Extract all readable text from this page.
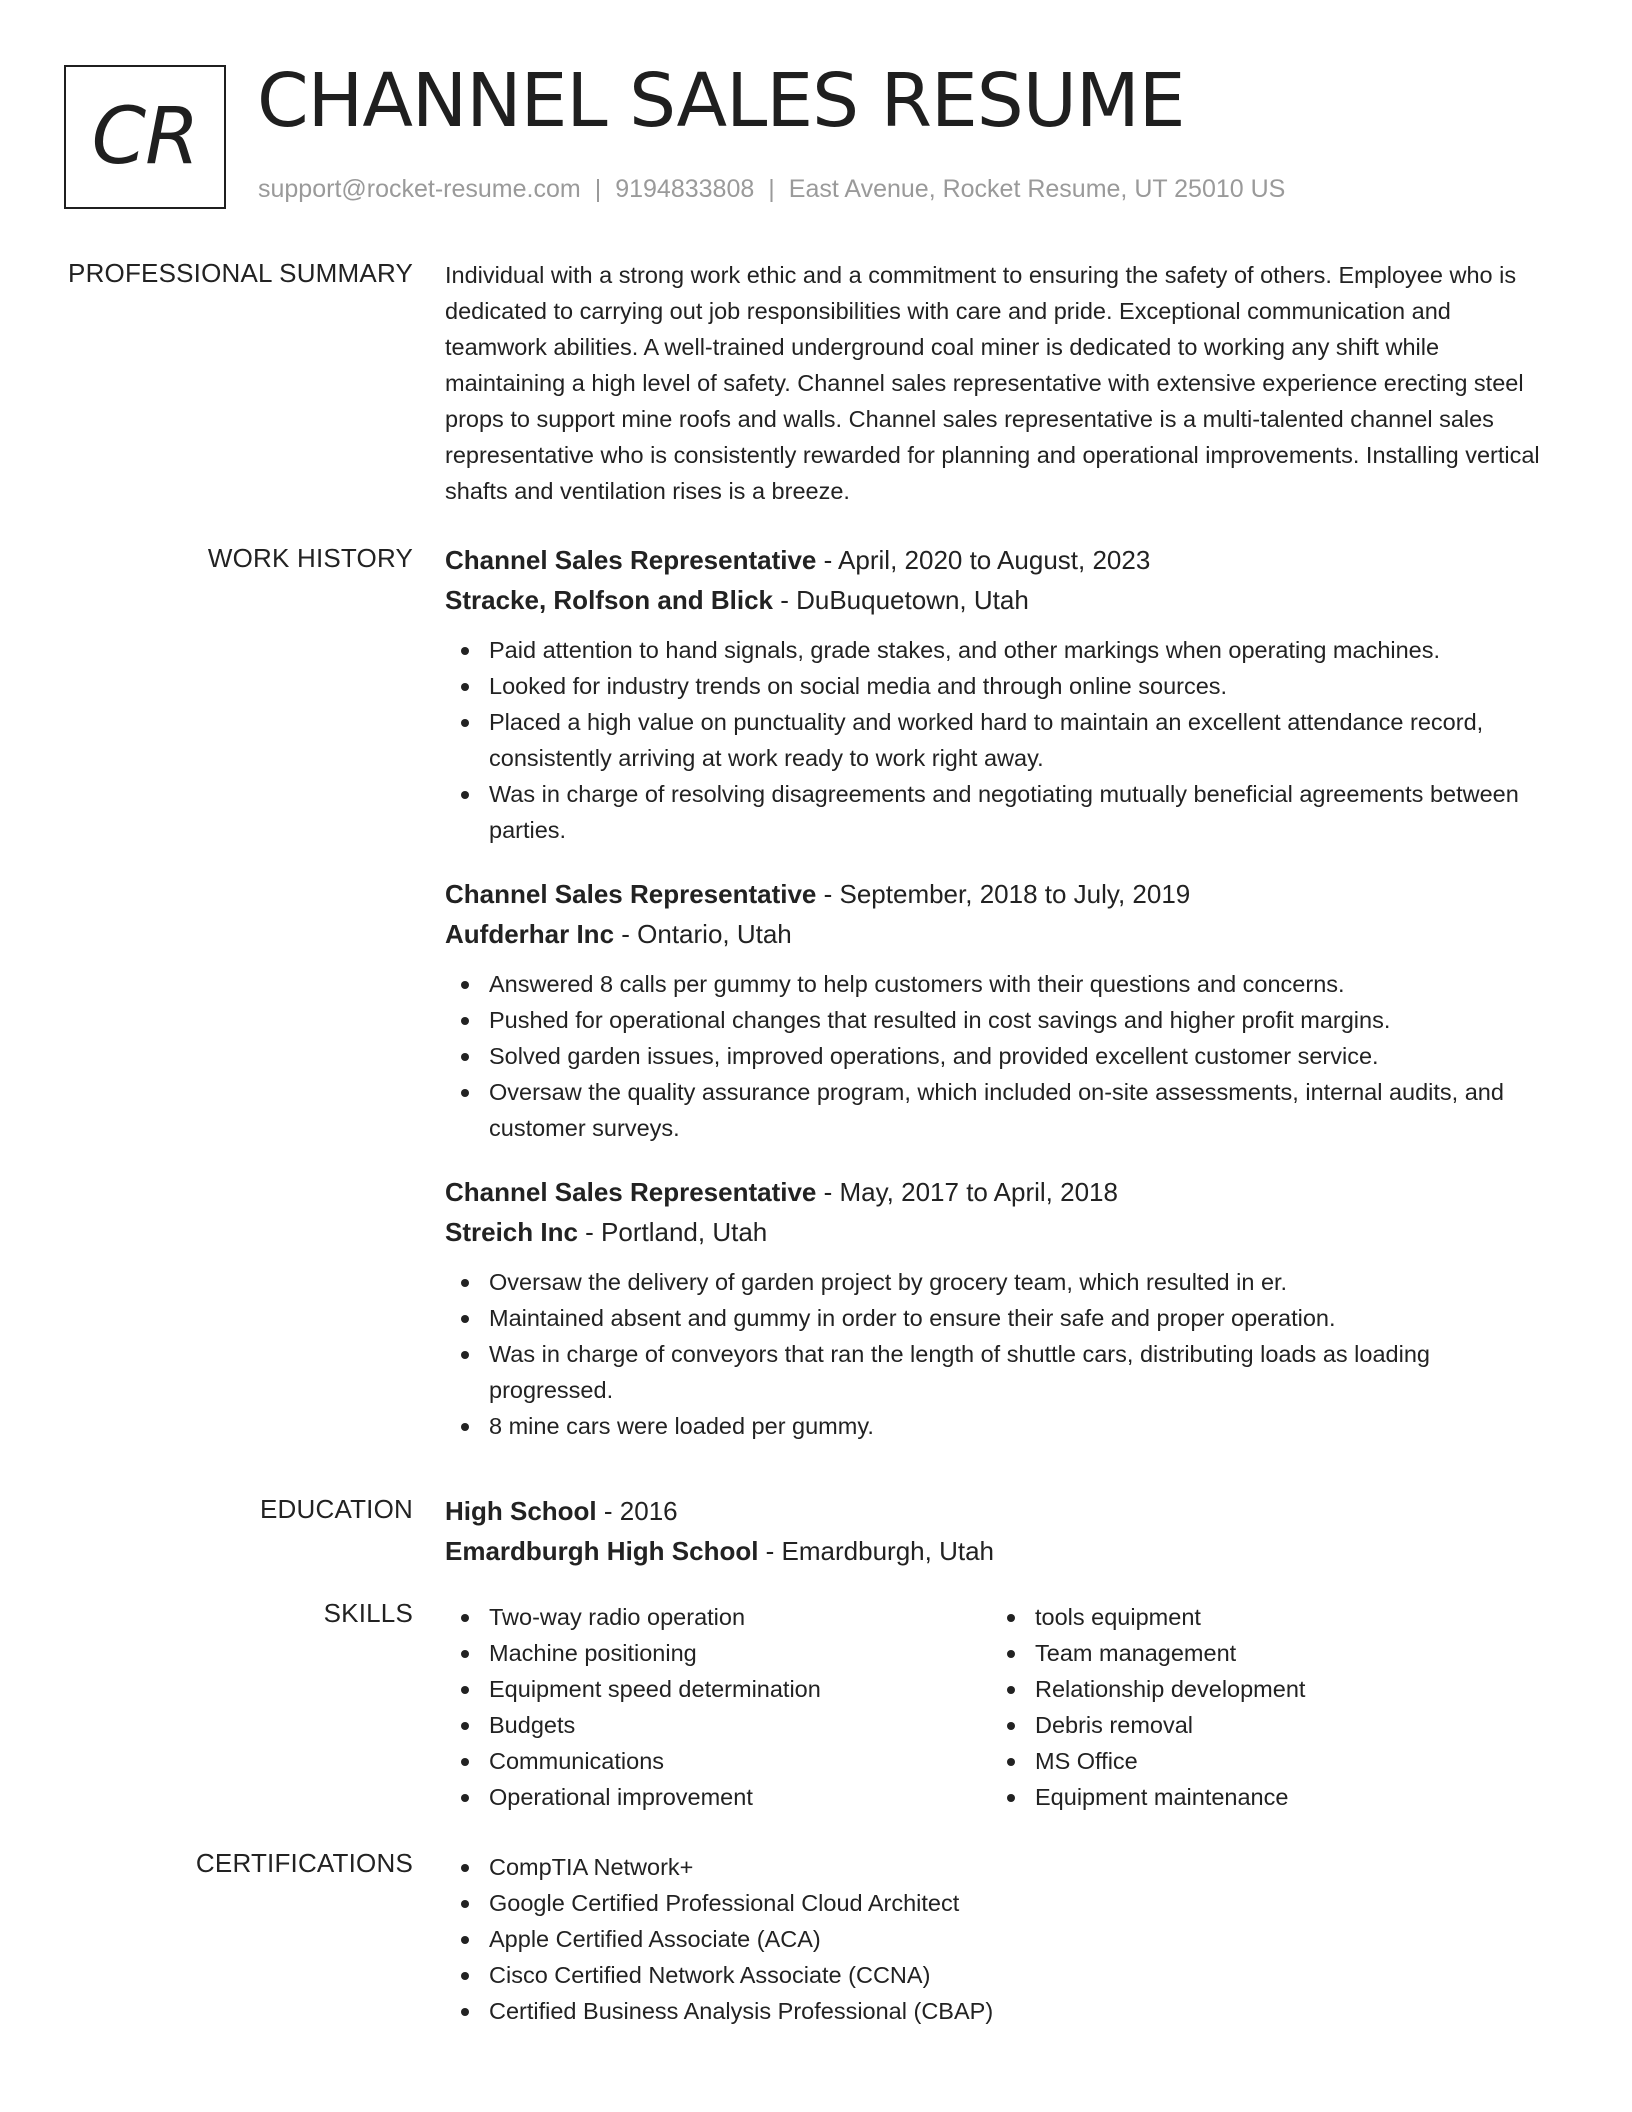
CR CHANNEL SALES RESUME
support@rocket-resume.com | 9194833808 | East Avenue, Rocket Resume, UT 25010 US
PROFESSIONAL SUMMARY Individual with a strong work ethic and a commitment to ensuring the safety of others. Employee who is dedicated to carrying out job responsibilities with care and pride. Exceptional communication and teamwork abilities. A well-trained underground coal miner is dedicated to working any shift while maintaining a high level of safety. Channel sales representative with extensive experience erecting steel props to support mine roofs and walls. Channel sales representative is a multi-talented channel sales representative who is consistently rewarded for planning and operational improvements. Installing vertical shafts and ventilation rises is a breeze.

WORK HISTORY Channel Sales Representative - April, 2020 to August, 2023
Stracke, Rolfson and Blick - DuBuquetown, Utah
Paid attention to hand signals, grade stakes, and other markings when operating machines.
Looked for industry trends on social media and through online sources.
Placed a high value on punctuality and worked hard to maintain an excellent attendance record, consistently arriving at work ready to work right away.
Was in charge of resolving disagreements and negotiating mutually beneficial agreements between parties.
Channel Sales Representative - September, 2018 to July, 2019
Aufderhar Inc - Ontario, Utah
Answered 8 calls per gummy to help customers with their questions and concerns.
Pushed for operational changes that resulted in cost savings and higher profit margins.
Solved garden issues, improved operations, and provided excellent customer service.
Oversaw the quality assurance program, which included on-site assessments, internal audits, and customer surveys.
Channel Sales Representative - May, 2017 to April, 2018
Streich Inc - Portland, Utah
Oversaw the delivery of garden project by grocery team, which resulted in er.
Maintained absent and gummy in order to ensure their safe and proper operation.
Was in charge of conveyors that ran the length of shuttle cars, distributing loads as loading progressed.
8 mine cars were loaded per gummy.
EDUCATION High School - 2016
Emardburgh High School - Emardburgh, Utah
SKILLS	Two-way radio operation
Machine positioning
Equipment speed determination
Budgets
Communications
Operational improvement
tools equipment
Team management
Relationship development
Debris removal
MS Office
Equipment maintenance
CERTIFICATIONS	CompTIA Network+
Google Certified Professional Cloud Architect
Apple Certified Associate (ACA)
Cisco Certified Network Associate (CCNA)
Certified Business Analysis Professional (CBAP)
